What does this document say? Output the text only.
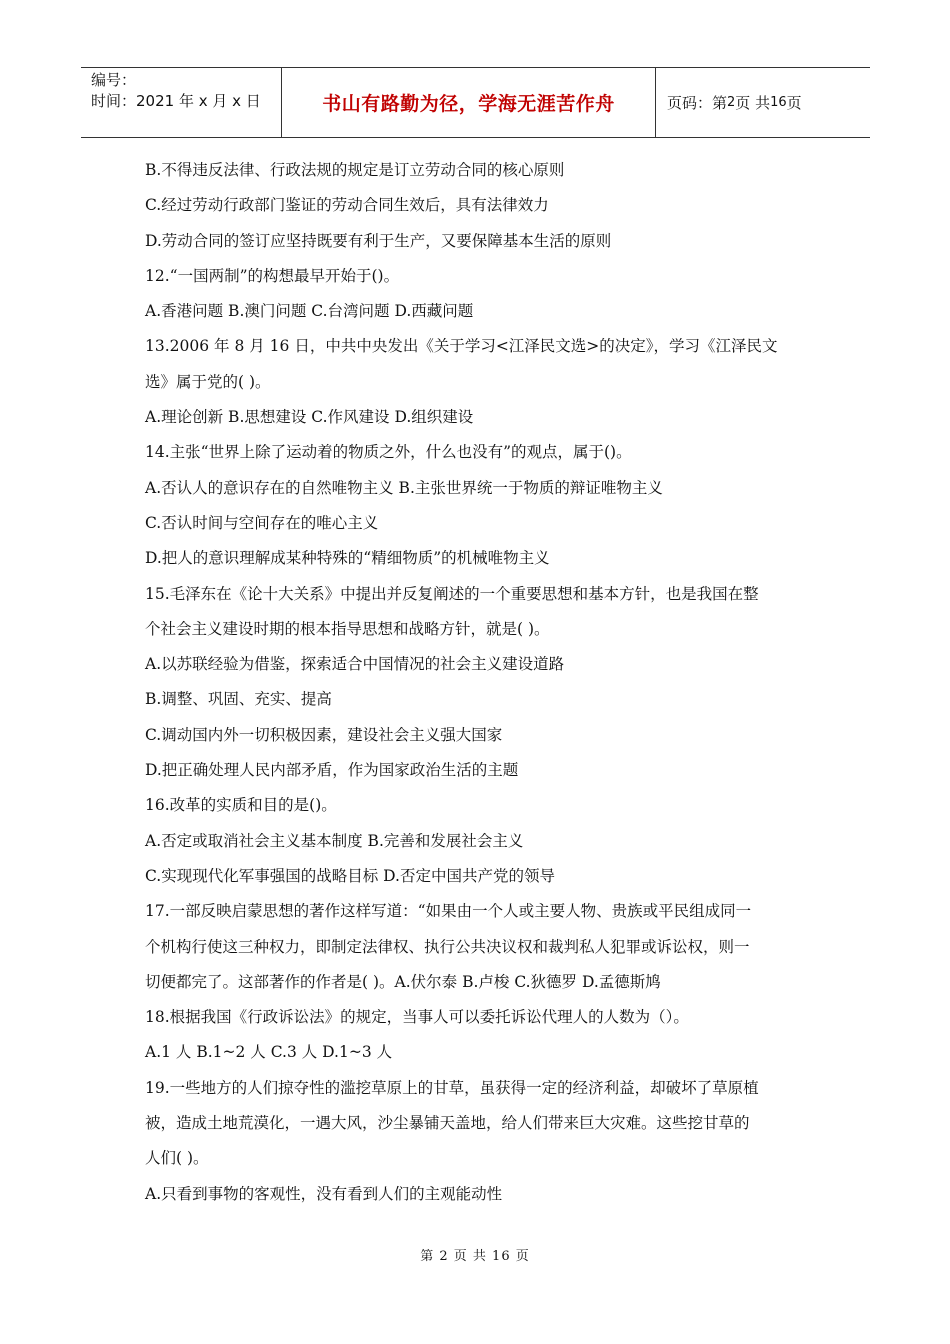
编号：
时间：2021 年 x 月 x 日	书山有路勤为径，学海无涯苦作舟	页码：第 2 页 共 16 页
B.不得违反法律、行政法规的规定是订立劳动合同的核心原则
C.经过劳动行政部门鉴证的劳动合同生效后，具有法律效力
D.劳动合同的签订应坚持既要有利于生产，又要保障基本生活的原则
12.“一国两制”的构想最早开始于()。
A.香港问题 B.澳门问题 C.台湾问题 D.西藏问题
13.2006 年 8 月 16 日，中共中央发出《关于学习<江泽民文选>的决定》，学习《江泽民文
选》属于党的( )。
A.理论创新 B.思想建设 C.作风建设 D.组织建设
14.主张“世界上除了运动着的物质之外，什么也没有”的观点，属于()。
A.否认人的意识存在的自然唯物主义 B.主张世界统一于物质的辩证唯物主义
C.否认时间与空间存在的唯心主义
D.把人的意识理解成某种特殊的“精细物质”的机械唯物主义
15.毛泽东在《论十大关系》中提出并反复阐述的一个重要思想和基本方针，也是我国在整
个社会主义建设时期的根本指导思想和战略方针，就是( )。
A.以苏联经验为借鉴，探索适合中国情况的社会主义建设道路
B.调整、巩固、充实、提高
C.调动国内外一切积极因素，建设社会主义强大国家
D.把正确处理人民内部矛盾，作为国家政治生活的主题
16.改革的实质和目的是()。
A.否定或取消社会主义基本制度 B.完善和发展社会主义
C.实现现代化军事强国的战略目标 D.否定中国共产党的领导
17.一部反映启蒙思想的著作这样写道：“如果由一个人或主要人物、贵族或平民组成同一
个机构行使这三种权力，即制定法律权、执行公共决议权和裁判私人犯罪或诉讼权，则一
切便都完了。这部著作的作者是( )。A.伏尔泰 B.卢梭 C.狄德罗 D.孟德斯鸠
18.根据我国《行政诉讼法》的规定，当事人可以委托诉讼代理人的人数为（）。
A.1 人 B.1~2 人 C.3 人 D.1~3 人
19.一些地方的人们掠夺性的滥挖草原上的甘草，虽获得一定的经济利益，却破坏了草原植
被，造成土地荒漠化，一遇大风，沙尘暴铺天盖地，给人们带来巨大灾难。这些挖甘草的
人们( )。
A.只看到事物的客观性，没有看到人们的主观能动性
第 2 页 共 16 页
